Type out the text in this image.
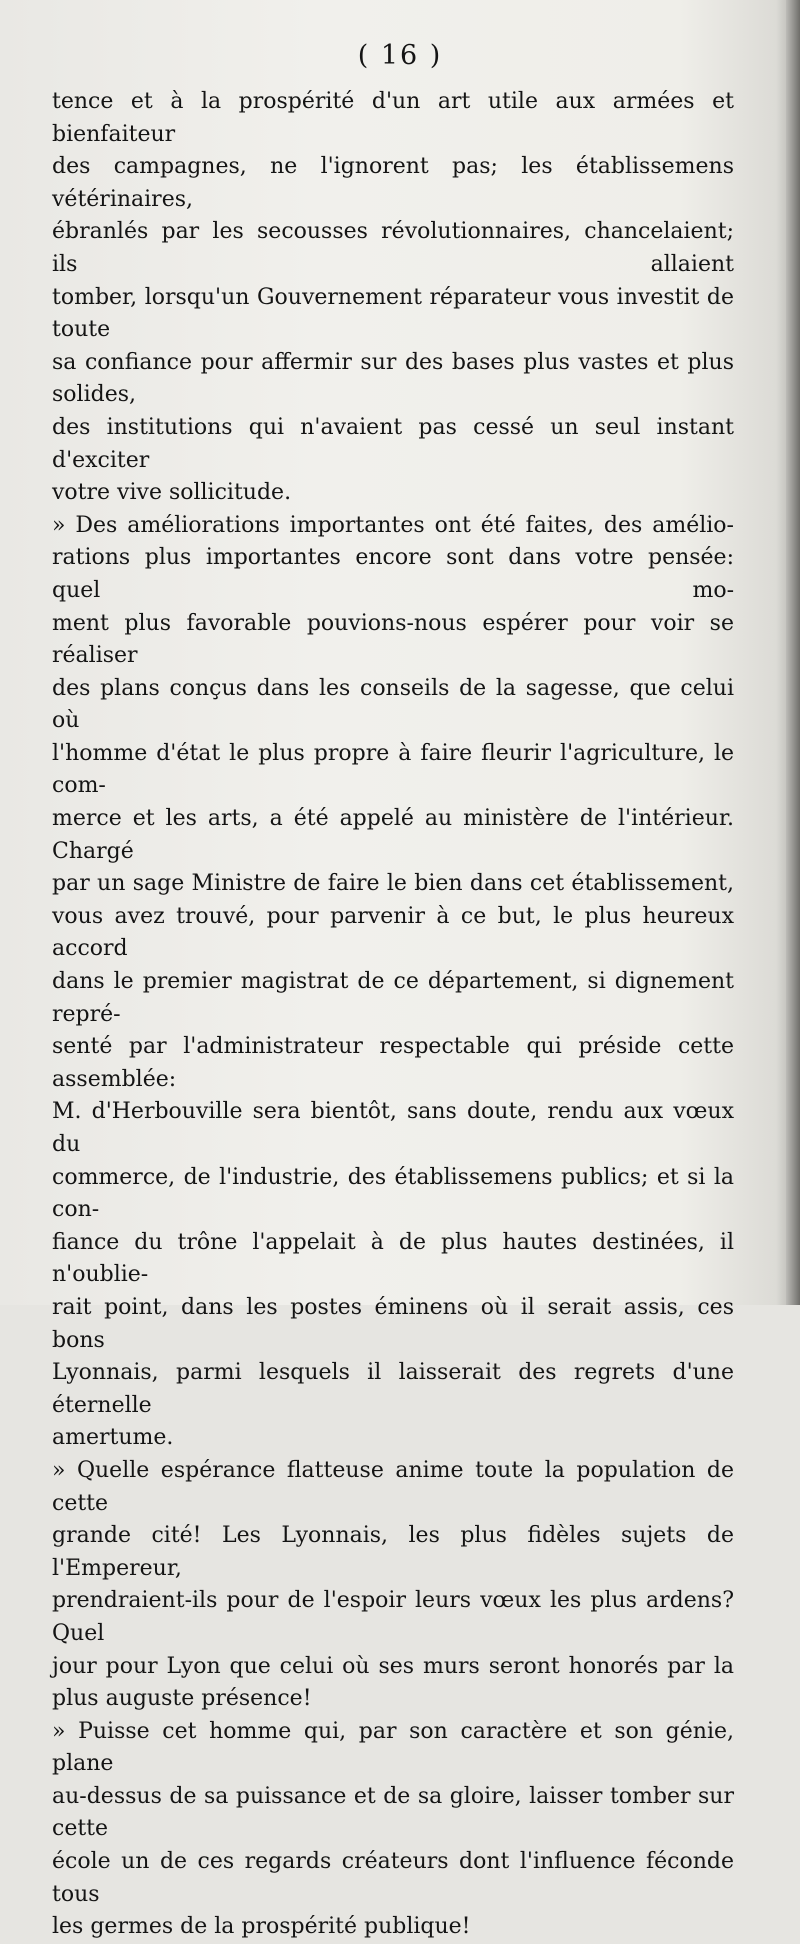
( 16 )
tence et à la prospérité d'un art utile aux armées et bienfaiteur
des campagnes, ne l'ignorent pas; les établissemens vétérinaires,
ébranlés par les secousses révolutionnaires, chancelaient; ils allaient
tomber, lorsqu'un Gouvernement réparateur vous investit de toute
sa confiance pour affermir sur des bases plus vastes et plus solides,
des institutions qui n'avaient pas cessé un seul instant d'exciter
votre vive sollicitude.
» Des améliorations importantes ont été faites, des amélio-
rations plus importantes encore sont dans votre pensée: quel mo-
ment plus favorable pouvions-nous espérer pour voir se réaliser
des plans conçus dans les conseils de la sagesse, que celui où
l'homme d'état le plus propre à faire fleurir l'agriculture, le com-
merce et les arts, a été appelé au ministère de l'intérieur. Chargé
par un sage Ministre de faire le bien dans cet établissement,
vous avez trouvé, pour parvenir à ce but, le plus heureux accord
dans le premier magistrat de ce département, si dignement repré-
senté par l'administrateur respectable qui préside cette assemblée:
M. d'Herbouville sera bientôt, sans doute, rendu aux vœux du
commerce, de l'industrie, des établissemens publics; et si la con-
fiance du trône l'appelait à de plus hautes destinées, il n'oublie-
rait point, dans les postes éminens où il serait assis, ces bons
Lyonnais, parmi lesquels il laisserait des regrets d'une éternelle
amertume.
» Quelle espérance flatteuse anime toute la population de cette
grande cité! Les Lyonnais, les plus fidèles sujets de l'Empereur,
prendraient-ils pour de l'espoir leurs vœux les plus ardens? Quel
jour pour Lyon que celui où ses murs seront honorés par la
plus auguste présence!
» Puisse cet homme qui, par son caractère et son génie, plane
au-dessus de sa puissance et de sa gloire, laisser tomber sur cette
école un de ces regards créateurs dont l'influence féconde tous
les germes de la prospérité publique!
